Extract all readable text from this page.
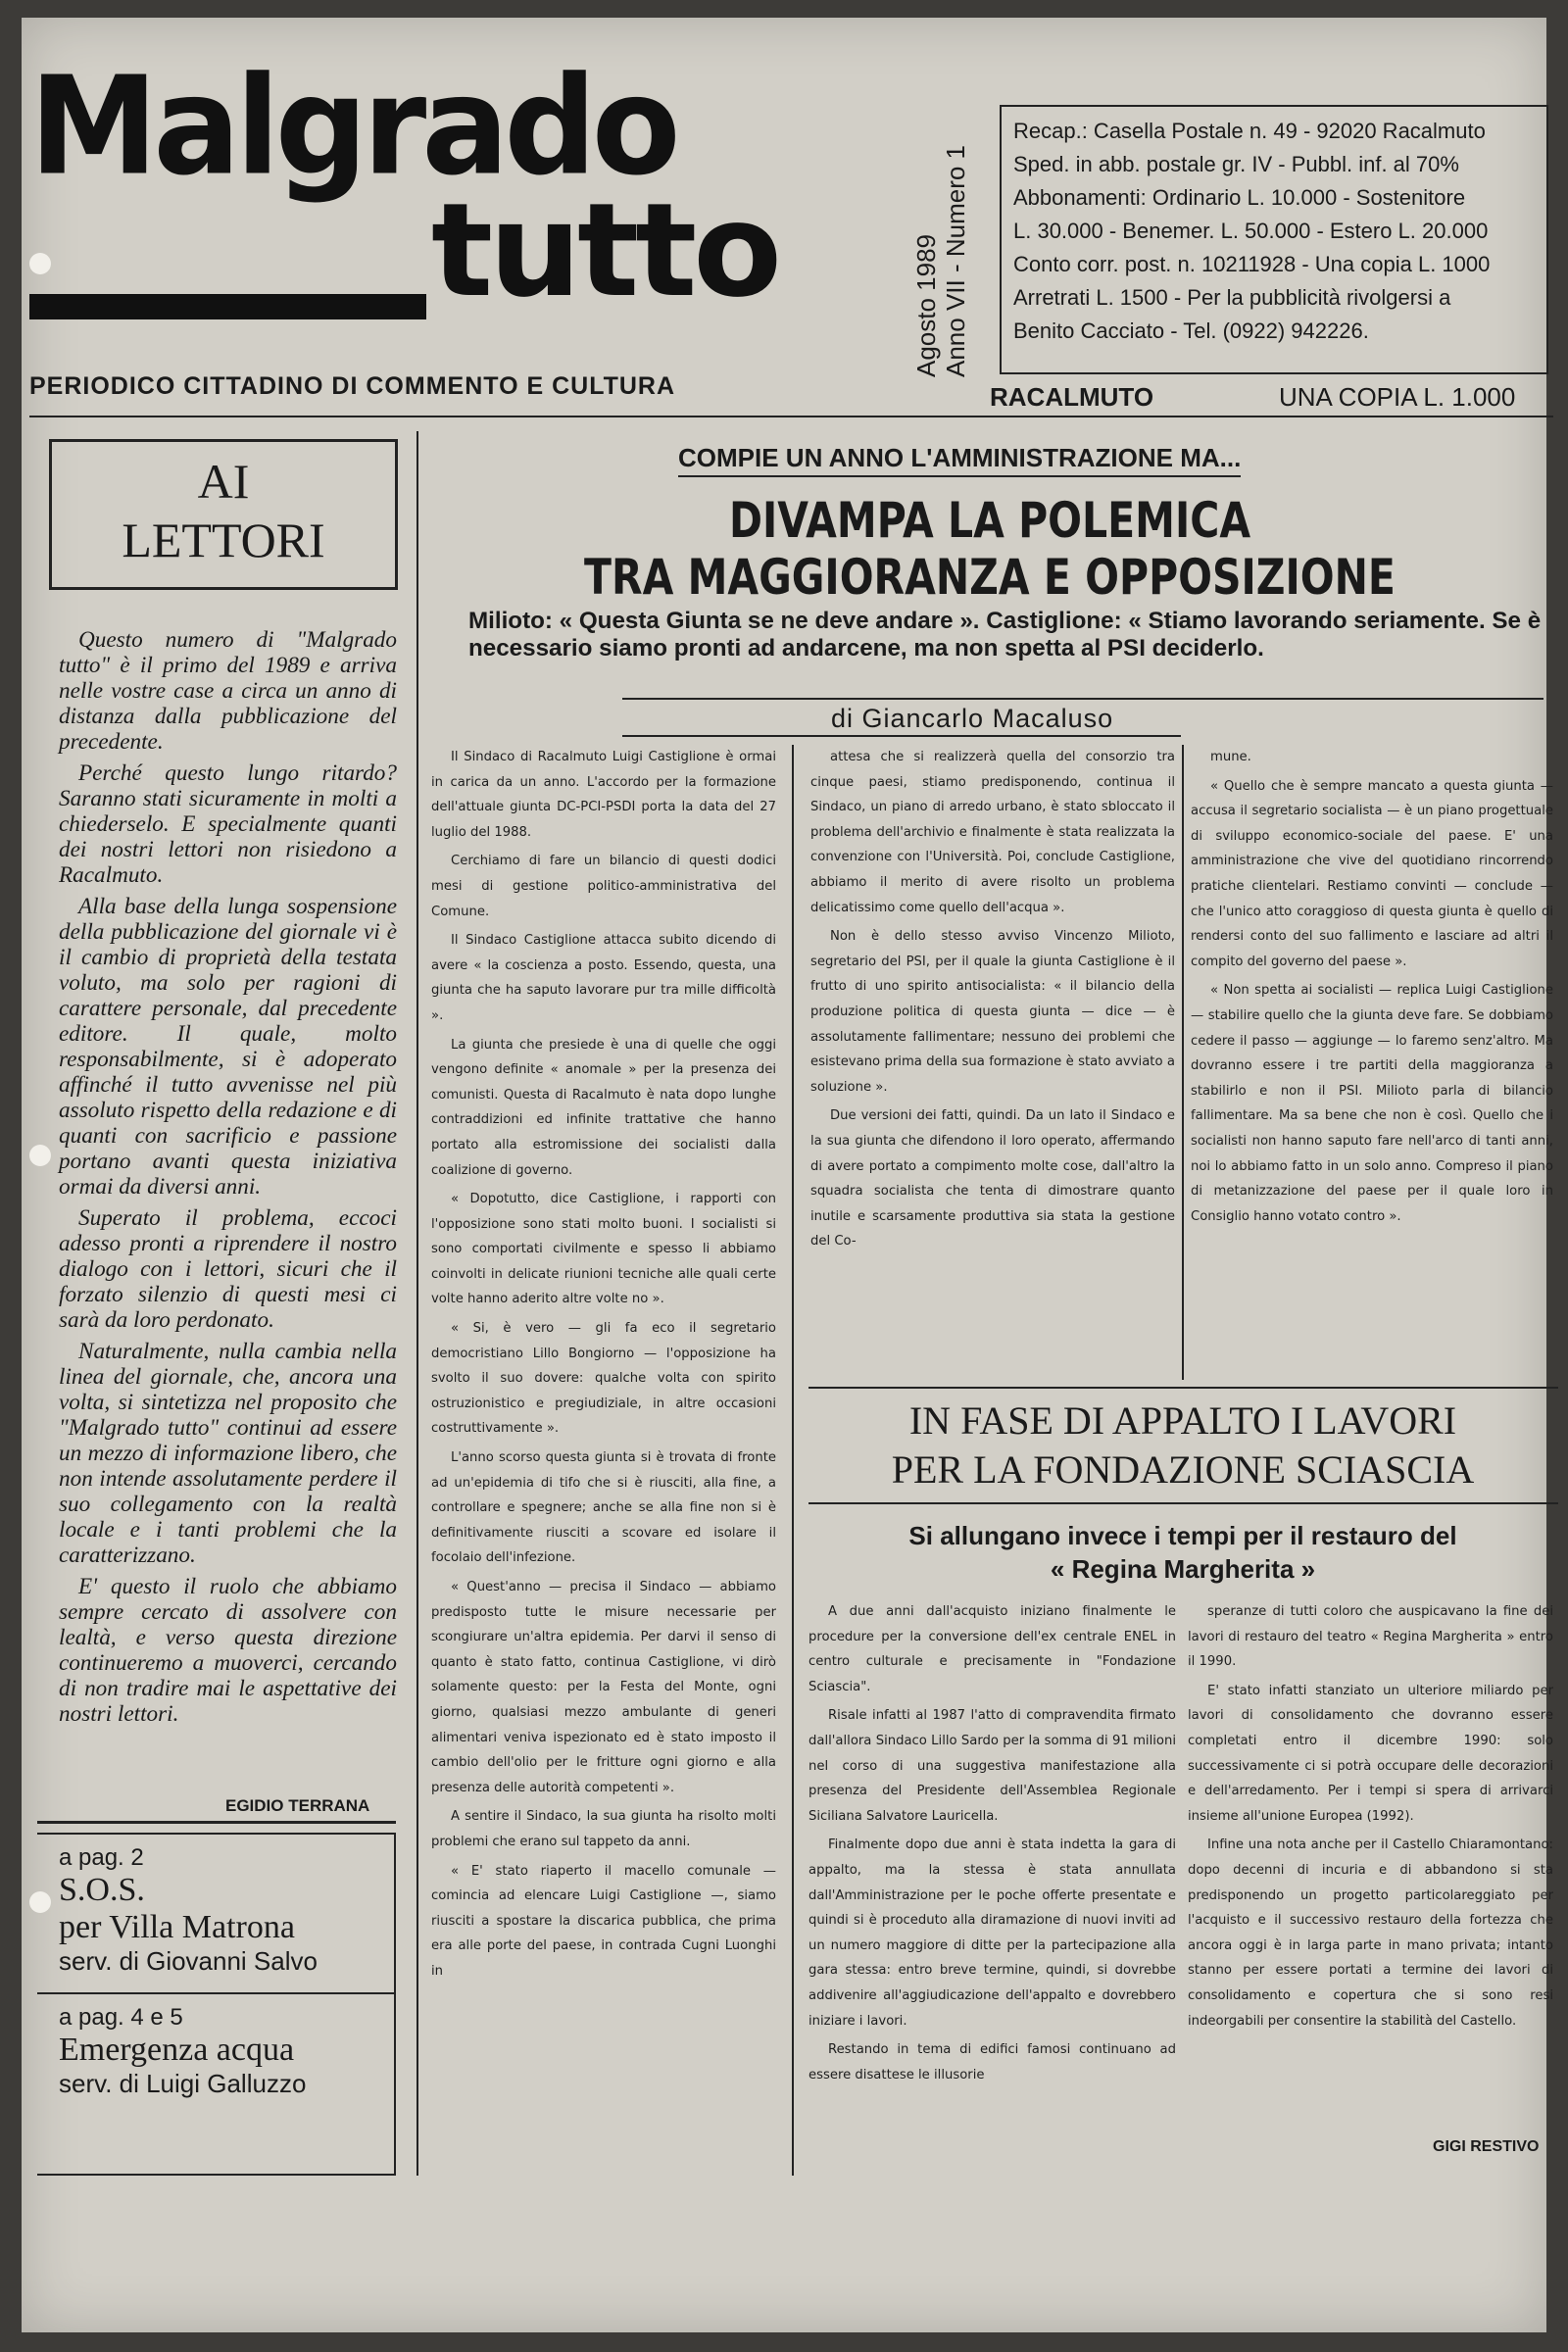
Malgrado
tutto	Agosto 1989
Anno VII - Numero 1
Recap.: Casella Postale n. 49 - 92020 Racalmuto
Sped. in abb. postale gr. IV - Pubbl. inf. al 70%
Abbonamenti: Ordinario L. 10.000 - Sostenitore
L. 30.000 - Benemer. L. 50.000 - Estero L. 20.000
Conto corr. post. n. 10211928 - Una copia L. 1000
Arretrati L. 1500 - Per la pubblicità rivolgersi a
Benito Cacciato - Tel. (0922) 942226.
PERIODICO CITTADINO DI COMMENTO E CULTURA	RACALMUTO	UNA COPIA L. 1.000
AI
LETTORI

Questo numero di "Malgrado tutto" è il primo del 1989 e arriva nelle vostre case a circa un anno di distanza dalla pubblicazione del precedente.

Perché questo lungo ritardo? Saranno stati sicuramente in molti a chiederselo. E specialmente quanti dei nostri lettori non risiedono a Racalmuto.

Alla base della lunga sospensione della pubblicazione del giornale vi è il cambio di proprietà della testata voluto, ma solo per ragioni di carattere personale, dal precedente editore. Il quale, molto responsabilmente, si è adoperato affinché il tutto avvenisse nel più assoluto rispetto della redazione e di quanti con sacrificio e passione portano avanti questa iniziativa ormai da diversi anni.

Superato il problema, eccoci adesso pronti a riprendere il nostro dialogo con i lettori, sicuri che il forzato silenzio di questi mesi ci sarà da loro perdonato.

Naturalmente, nulla cambia nella linea del giornale, che, ancora una volta, si sintetizza nel proposito che "Malgrado tutto" continui ad essere un mezzo di informazione libero, che non intende assolutamente perdere il suo collegamento con la realtà locale e i tanti problemi che la caratterizzano.

E' questo il ruolo che abbiamo sempre cercato di assolvere con lealtà, e verso questa direzione continueremo a muoverci, cercando di non tradire mai le aspettative dei nostri lettori.

EGIDIO TERRANA
a pag. 2
S.O.S.
per Villa Matrona
serv. di Giovanni Salvo
a pag. 4 e 5
Emergenza acqua
serv. di Luigi Galluzzo
COMPIE UN ANNO L'AMMINISTRAZIONE MA...
DIVAMPA LA POLEMICA
TRA MAGGIORANZA E OPPOSIZIONE
Milioto: « Questa Giunta se ne deve andare ». Castiglione: « Stiamo lavorando seriamente. Se è necessario siamo pronti ad andarcene, ma non spetta al PSI deciderlo.
di Giancarlo Macaluso

Il Sindaco di Racalmuto Luigi Castiglione è ormai in carica da un anno. L'accordo per la formazione dell'attuale giunta DC-PCI-PSDI porta la data del 27 luglio del 1988.

Cerchiamo di fare un bilancio di questi dodici mesi di gestione politico-amministrativa del Comune.

Il Sindaco Castiglione attacca subito dicendo di avere « la coscienza a posto. Essendo, questa, una giunta che ha saputo lavorare pur tra mille difficoltà ».

La giunta che presiede è una di quelle che oggi vengono definite « anomale » per la presenza dei comunisti. Questa di Racalmuto è nata dopo lunghe contraddizioni ed infinite trattative che hanno portato alla estromissione dei socialisti dalla coalizione di governo.

« Dopotutto, dice Castiglione, i rapporti con l'opposizione sono stati molto buoni. I socialisti si sono comportati civilmente e spesso li abbiamo coinvolti in delicate riunioni tecniche alle quali certe volte hanno aderito altre volte no ».

« Si, è vero — gli fa eco il segretario democristiano Lillo Bongiorno — l'opposizione ha svolto il suo dovere: qualche volta con spirito ostruzionistico e pregiudiziale, in altre occasioni costruttivamente ».

L'anno scorso questa giunta si è trovata di fronte ad un'epidemia di tifo che si è riusciti, alla fine, a controllare e spegnere; anche se alla fine non si è definitivamente riusciti a scovare ed isolare il focolaio dell'infezione.

« Quest'anno — precisa il Sindaco — abbiamo predisposto tutte le misure necessarie per scongiurare un'altra epidemia. Per darvi il senso di quanto è stato fatto, continua Castiglione, vi dirò solamente questo: per la Festa del Monte, ogni giorno, qualsiasi mezzo ambulante di generi alimentari veniva ispezionato ed è stato imposto il cambio dell'olio per le fritture ogni giorno e alla presenza delle autorità competenti ».

A sentire il Sindaco, la sua giunta ha risolto molti problemi che erano sul tappeto da anni.

« E' stato riaperto il macello comunale — comincia ad elencare Luigi Castiglione —, siamo riusciti a spostare la discarica pubblica, che prima era alle porte del paese, in contrada Cugni Luonghi in

attesa che si realizzerà quella del consorzio tra cinque paesi, stiamo predisponendo, continua il Sindaco, un piano di arredo urbano, è stato sbloccato il problema dell'archivio e finalmente è stata realizzata la convenzione con l'Università. Poi, conclude Castiglione, abbiamo il merito di avere risolto un problema delicatissimo come quello dell'acqua ».

Non è dello stesso avviso Vincenzo Milioto, segretario del PSI, per il quale la giunta Castiglione è il frutto di uno spirito antisocialista: « il bilancio della produzione politica di questa giunta — dice — è assolutamente fallimentare; nessuno dei problemi che esistevano prima della sua formazione è stato avviato a soluzione ».

Due versioni dei fatti, quindi. Da un lato il Sindaco e la sua giunta che difendono il loro operato, affermando di avere portato a compimento molte cose, dall'altro la squadra socialista che tenta di dimostrare quanto inutile e scarsamente produttiva sia stata la gestione del Co-

mune.

« Quello che è sempre mancato a questa giunta — accusa il segretario socialista — è un piano progettuale di sviluppo economico-sociale del paese. E' una amministrazione che vive del quotidiano rincorrendo pratiche clientelari. Restiamo convinti — conclude — che l'unico atto coraggioso di questa giunta è quello di rendersi conto del suo fallimento e lasciare ad altri il compito del governo del paese ».

« Non spetta ai socialisti — replica Luigi Castiglione — stabilire quello che la giunta deve fare. Se dobbiamo cedere il passo — aggiunge — lo faremo senz'altro. Ma dovranno essere i tre partiti della maggioranza a stabilirlo e non il PSI. Milioto parla di bilancio fallimentare. Ma sa bene che non è così. Quello che i socialisti non hanno saputo fare nell'arco di tanti anni, noi lo abbiamo fatto in un solo anno. Compreso il piano di metanizzazione del paese per il quale loro in Consiglio hanno votato contro ».

IN FASE DI APPALTO I LAVORI
PER LA FONDAZIONE SCIASCIA
Si allungano invece i tempi per il restauro del
« Regina Margherita »

A due anni dall'acquisto iniziano finalmente le procedure per la conversione dell'ex centrale ENEL in centro culturale e precisamente in "Fondazione Sciascia".

Risale infatti al 1987 l'atto di compravendita firmato dall'allora Sindaco Lillo Sardo per la somma di 91 milioni nel corso di una suggestiva manifestazione alla presenza del Presidente dell'Assemblea Regionale Siciliana Salvatore Lauricella.

Finalmente dopo due anni è stata indetta la gara di appalto, ma la stessa è stata annullata dall'Amministrazione per le poche offerte presentate e quindi si è proceduto alla diramazione di nuovi inviti ad un numero maggiore di ditte per la partecipazione alla gara stessa: entro breve termine, quindi, si dovrebbe addivenire all'aggiudicazione dell'appalto e dovrebbero iniziare i lavori.

Restando in tema di edifici famosi continuano ad essere disattese le illusorie

speranze di tutti coloro che auspicavano la fine dei lavori di restauro del teatro « Regina Margherita » entro il 1990.

E' stato infatti stanziato un ulteriore miliardo per lavori di consolidamento che dovranno essere completati entro il dicembre 1990: solo successivamente ci si potrà occupare delle decorazioni e dell'arredamento. Per i tempi si spera di arrivarci insieme all'unione Europea (1992).

Infine una nota anche per il Castello Chiaramontano: dopo decenni di incuria e di abbandono si sta predisponendo un progetto particolareggiato per l'acquisto e il successivo restauro della fortezza che ancora oggi è in larga parte in mano privata; intanto stanno per essere portati a termine dei lavori di consolidamento e copertura che si sono resi indeorgabili per consentire la stabilità del Castello.

GIGI RESTIVO
